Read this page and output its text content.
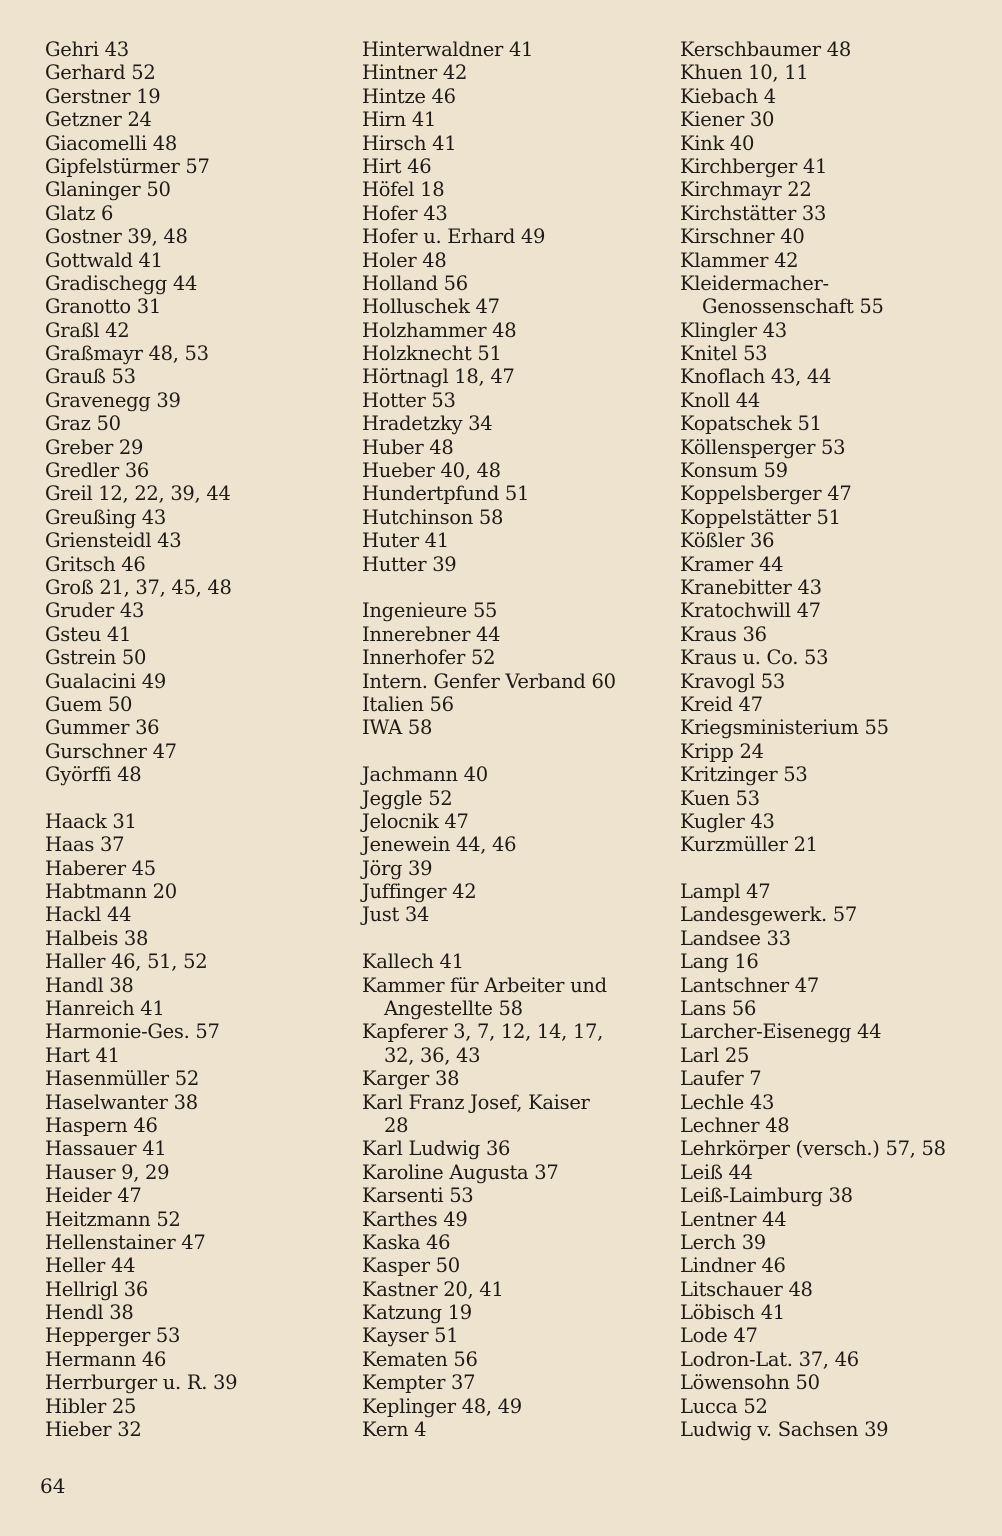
Gehri 43
Gerhard 52
Gerstner 19
Getzner 24
Giacomelli 48
Gipfelstürmer 57
Glaninger 50
Glatz 6
Gostner 39, 48
Gottwald 41
Gradischegg 44
Granotto 31
Graßl 42
Graßmayr 48, 53
Grauß 53
Gravenegg 39
Graz 50
Greber 29
Gredler 36
Greil 12, 22, 39, 44
Greußing 43
Griensteidl 43
Gritsch 46
Groß 21, 37, 45, 48
Gruder 43
Gsteu 41
Gstrein 50
Gualacini 49
Guem 50
Gummer 36
Gurschner 47
Györffi 48
Haack 31
Haas 37
Haberer 45
Habtmann 20
Hackl 44
Halbeis 38
Haller 46, 51, 52
Handl 38
Hanreich 41
Harmonie-Ges. 57
Hart 41
Hasenmüller 52
Haselwanter 38
Haspern 46
Hassauer 41
Hauser 9, 29
Heider 47
Heitzmann 52
Hellenstainer 47
Heller 44
Hellrigl 36
Hendl 38
Hepperger 53
Hermann 46
Herrburger u. R. 39
Hibler 25
Hieber 32
Hinterwaldner 41
Hintner 42
Hintze 46
Hirn 41
Hirsch 41
Hirt 46
Höfel 18
Hofer 43
Hofer u. Erhard 49
Holer 48
Holland 56
Holluschek 47
Holzhammer 48
Holzknecht 51
Hörtnagl 18, 47
Hotter 53
Hradetzky 34
Huber 48
Hueber 40, 48
Hundertpfund 51
Hutchinson 58
Huter 41
Hutter 39
Ingenieure 55
Innerebner 44
Innerhofer 52
Intern. Genfer Verband 60
Italien 56
IWA 58
Jachmann 40
Jeggle 52
Jelocnik 47
Jenewein 44, 46
Jörg 39
Juffinger 42
Just 34
Kallech 41
Kammer für Arbeiter und
Angestellte 58
Kapferer 3, 7, 12, 14, 17,
32, 36, 43
Karger 38
Karl Franz Josef, Kaiser
28
Karl Ludwig 36
Karoline Augusta 37
Karsenti 53
Karthes 49
Kaska 46
Kasper 50
Kastner 20, 41
Katzung 19
Kayser 51
Kematen 56
Kempter 37
Keplinger 48, 49
Kern 4
Kerschbaumer 48
Khuen 10, 11
Kiebach 4
Kiener 30
Kink 40
Kirchberger 41
Kirchmayr 22
Kirchstätter 33
Kirschner 40
Klammer 42
Kleidermacher-
Genossenschaft 55
Klingler 43
Knitel 53
Knoflach 43, 44
Knoll 44
Kopatschek 51
Köllensperger 53
Konsum 59
Koppelsberger 47
Koppelstätter 51
Kößler 36
Kramer 44
Kranebitter 43
Kratochwill 47
Kraus 36
Kraus u. Co. 53
Kravogl 53
Kreid 47
Kriegsministerium 55
Kripp 24
Kritzinger 53
Kuen 53
Kugler 43
Kurzmüller 21
Lampl 47
Landesgewerk. 57
Landsee 33
Lang 16
Lantschner 47
Lans 56
Larcher-Eisenegg 44
Larl 25
Laufer 7
Lechle 43
Lechner 48
Lehrkörper (versch.) 57, 58
Leiß 44
Leiß-Laimburg 38
Lentner 44
Lerch 39
Lindner 46
Litschauer 48
Löbisch 41
Lode 47
Lodron-Lat. 37, 46
Löwensohn 50
Lucca 52
Ludwig v. Sachsen 39
64
